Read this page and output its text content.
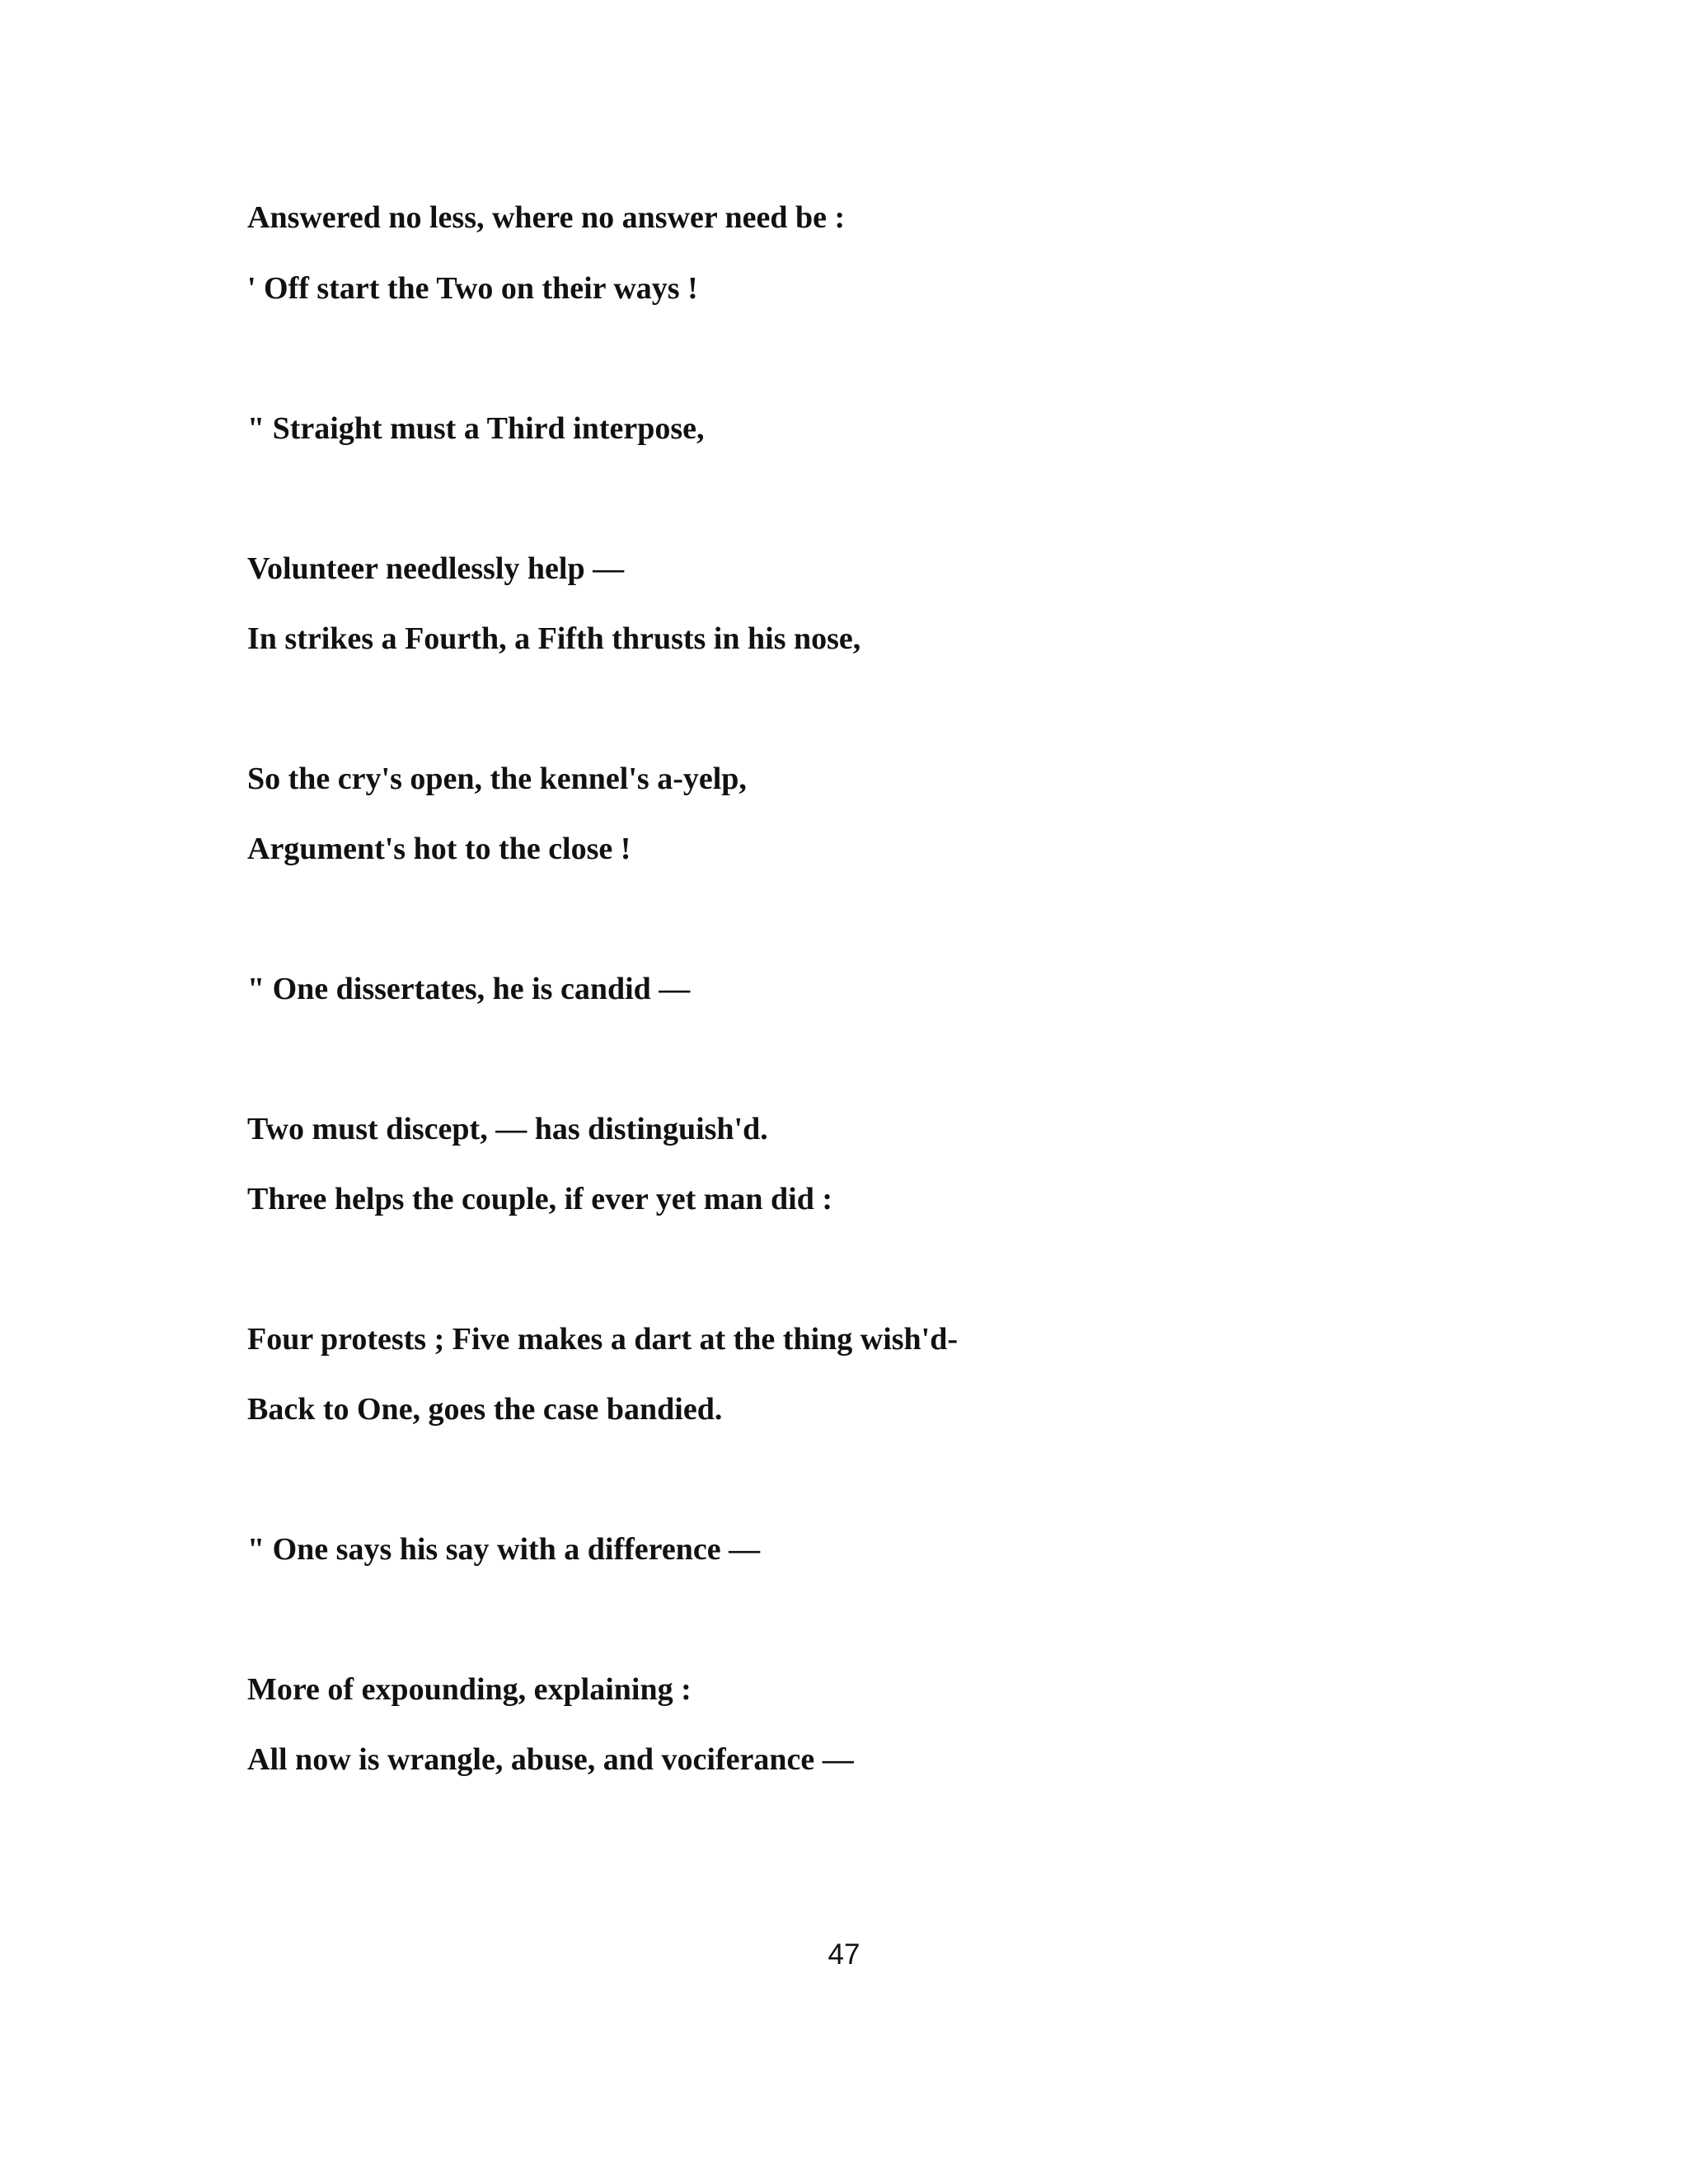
Answered no less, where no answer need be :
' Off start the Two on their ways !
" Straight must a Third interpose,
Volunteer needlessly help —
In strikes a Fourth, a Fifth thrusts in his nose,
So the cry's open, the kennel's a-yelp,
Argument's hot to the close !
" One dissertates, he is candid —
Two must discept, — has distinguish'd.
Three helps the couple, if ever yet man did :
Four protests ; Five makes a dart at the thing wish'd-
Back to One, goes the case bandied.
" One says his say with a difference —
More of expounding, explaining :
All now is wrangle, abuse, and vociferance —
47
